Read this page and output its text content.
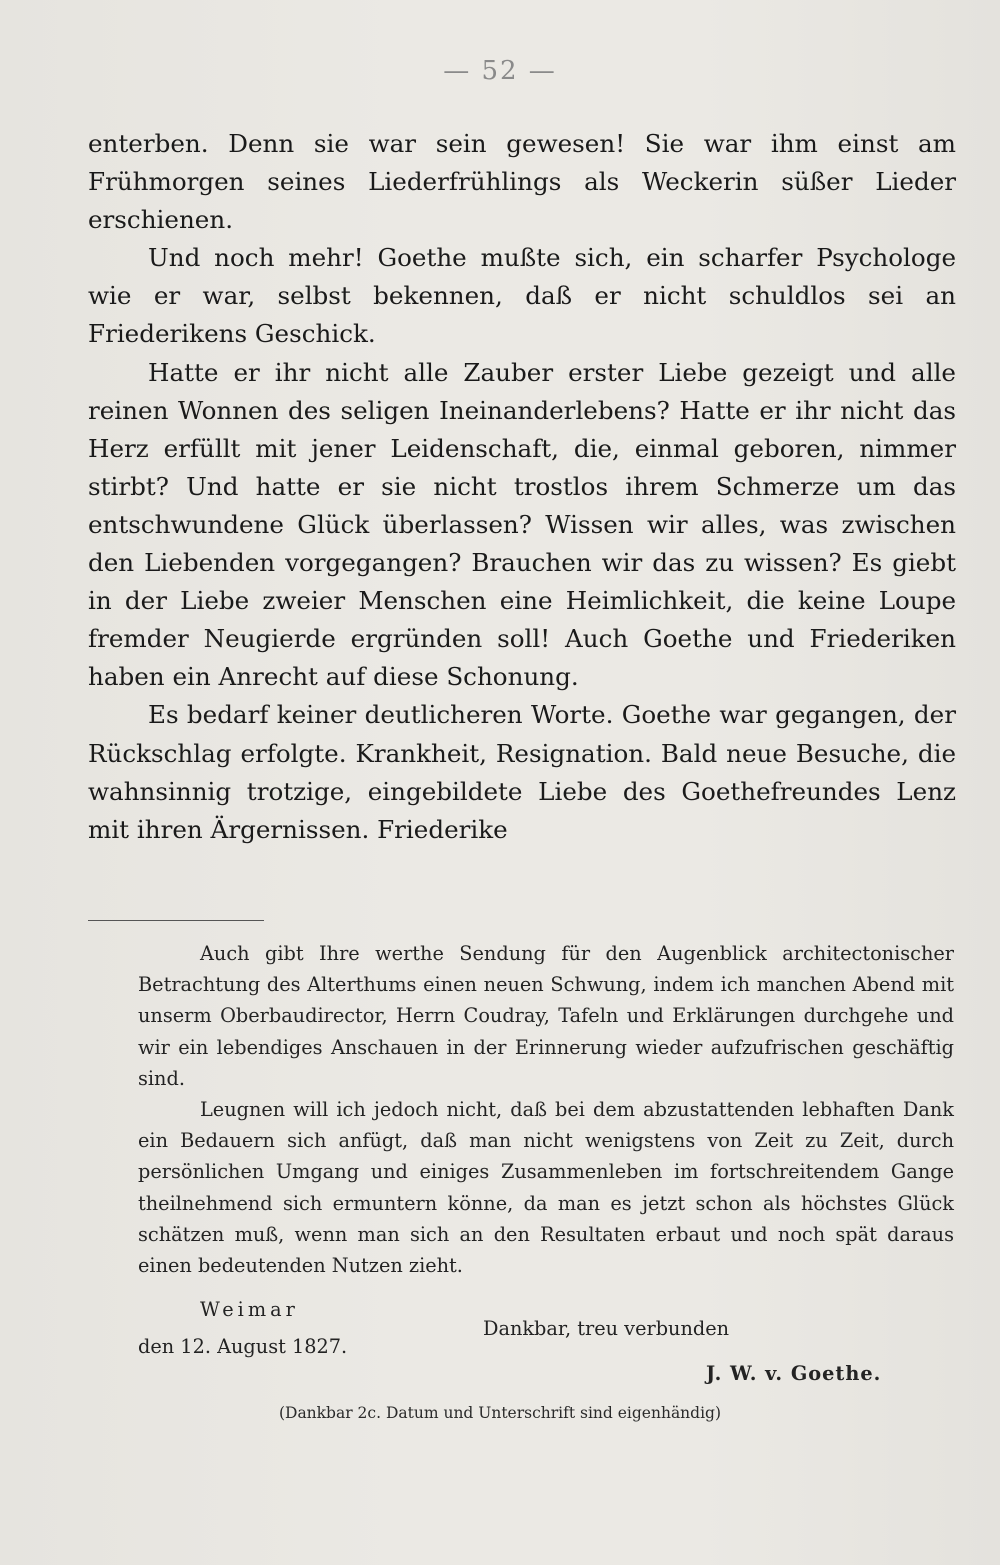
— 52 —

enterben. Denn sie war sein gewesen! Sie war ihm einst am Frühmorgen seines Liederfrühlings als Weckerin süßer Lieder erschienen.

Und noch mehr! Goethe mußte sich, ein scharfer Psychologe wie er war, selbst bekennen, daß er nicht schuldlos sei an Friederikens Geschick.

Hatte er ihr nicht alle Zauber erster Liebe gezeigt und alle reinen Wonnen des seligen Ineinanderlebens? Hatte er ihr nicht das Herz erfüllt mit jener Leidenschaft, die, einmal geboren, nimmer stirbt? Und hatte er sie nicht trostlos ihrem Schmerze um das entschwundene Glück überlassen? Wissen wir alles, was zwischen den Liebenden vorgegangen? Brauchen wir das zu wissen? Es giebt in der Liebe zweier Menschen eine Heimlichkeit, die keine Loupe fremder Neugierde ergründen soll! Auch Goethe und Friederiken haben ein Anrecht auf diese Schonung.

Es bedarf keiner deutlicheren Worte. Goethe war gegangen, der Rückschlag erfolgte. Krankheit, Resignation. Bald neue Besuche, die wahnsinnig trotzige, eingebildete Liebe des Goethefreundes Lenz mit ihren Ärgernissen. Friederike

Auch gibt Ihre werthe Sendung für den Augenblick architectonischer Betrachtung des Alterthums einen neuen Schwung, indem ich manchen Abend mit unserm Oberbaudirector, Herrn Coudray, Tafeln und Erklärungen durchgehe und wir ein lebendiges Anschauen in der Erinnerung wieder aufzufrischen geschäftig sind.

Leugnen will ich jedoch nicht, daß bei dem abzustattenden lebhaften Dank ein Bedauern sich anfügt, daß man nicht wenigstens von Zeit zu Zeit, durch persönlichen Umgang und einiges Zusammenleben im fortschreitendem Gange theilnehmend sich ermuntern könne, da man es jetzt schon als höchstes Glück schätzen muß, wenn man sich an den Resultaten erbaut und noch spät daraus einen bedeutenden Nutzen zieht.

Weimar
den 12. August 1827.
Dankbar, treu verbunden
J. W. v. Goethe.
(Dankbar 2c. Datum und Unterschrift sind eigenhändig)
